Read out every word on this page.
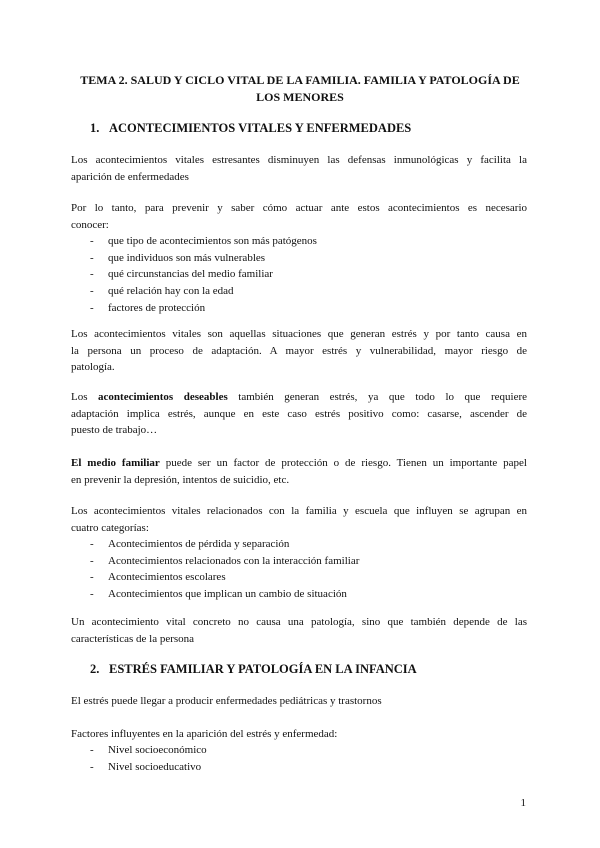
TEMA 2. SALUD Y CICLO VITAL DE LA FAMILIA. FAMILIA Y PATOLOGÍA DE
LOS MENORES
1. ACONTECIMIENTOS VITALES Y ENFERMEDADES
Los acontecimientos vitales estresantes disminuyen las defensas inmunológicas y facilita la
aparición de enfermedades
Por lo tanto, para prevenir y saber cómo actuar ante estos acontecimientos es necesario
conocer:
- que tipo de acontecimientos son más patógenos
- que individuos son más vulnerables
- qué circunstancias del medio familiar
- qué relación hay con la edad
- factores de protección
Los acontecimientos vitales son aquellas situaciones que generan estrés y por tanto causa en
la persona un proceso de adaptación. A mayor estrés y vulnerabilidad, mayor riesgo de
patología.
Los acontecimientos deseables también generan estrés, ya que todo lo que requiere
adaptación implica estrés, aunque en este caso estrés positivo como: casarse, ascender de
puesto de trabajo…
El medio familiar puede ser un factor de protección o de riesgo. Tienen un importante papel
en prevenir la depresión, intentos de suicidio, etc.
Los acontecimientos vitales relacionados con la familia y escuela que influyen se agrupan en
cuatro categorías:
- Acontecimientos de pérdida y separación
- Acontecimientos relacionados con la interacción familiar
- Acontecimientos escolares
- Acontecimientos que implican un cambio de situación
Un acontecimiento vital concreto no causa una patología, sino que también depende de las
características de la persona
2. ESTRÉS FAMILIAR Y PATOLOGÍA EN LA INFANCIA
El estrés puede llegar a producir enfermedades pediátricas y trastornos
Factores influyentes en la aparición del estrés y enfermedad:
- Nivel socioeconómico
- Nivel socioeducativo
1
